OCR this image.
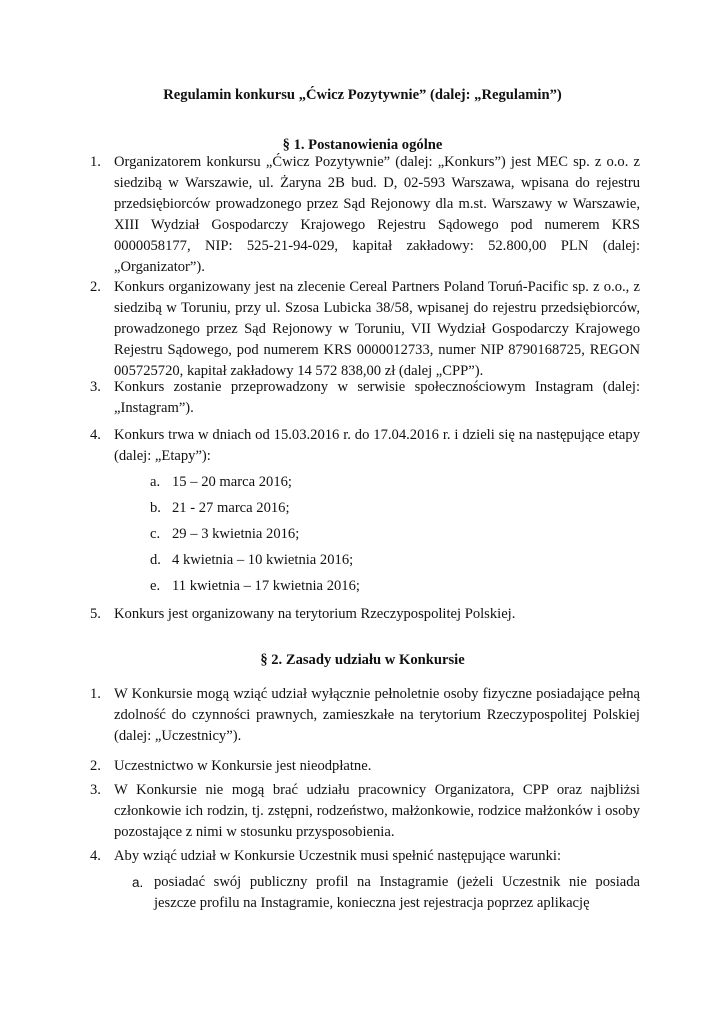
Regulamin konkursu „Ćwicz Pozytywnie” (dalej: „Regulamin”)
§ 1. Postanowienia ogólne
1. Organizatorem konkursu „Ćwicz Pozytywnie” (dalej: „Konkurs”) jest MEC sp. z o.o. z siedzibą w Warszawie, ul. Żaryna 2B bud. D, 02-593 Warszawa, wpisana do rejestru przedsiębiorców prowadzonego przez Sąd Rejonowy dla m.st. Warszawy w Warszawie, XIII Wydział Gospodarczy Krajowego Rejestru Sądowego pod numerem KRS 0000058177, NIP: 525-21-94-029, kapitał zakładowy: 52.800,00 PLN (dalej: „Organizator”).
2. Konkurs organizowany jest na zlecenie Cereal Partners Poland Toruń-Pacific sp. z o.o., z siedzibą w Toruniu, przy ul. Szosa Lubicka 38/58, wpisanej do rejestru przedsiębiorców, prowadzonego przez Sąd Rejonowy w Toruniu, VII Wydział Gospodarczy Krajowego Rejestru Sądowego, pod numerem KRS 0000012733, numer NIP 8790168725, REGON 005725720, kapitał zakładowy 14 572 838,00 zł (dalej „CPP”).
3. Konkurs zostanie przeprowadzony w serwisie społecznościowym Instagram (dalej: „Instagram”).
4. Konkurs trwa w dniach od 15.03.2016 r. do 17.04.2016 r. i dzieli się na następujące etapy (dalej: „Etapy”):
a. 15 – 20 marca 2016;
b. 21 - 27 marca 2016;
c. 29 – 3 kwietnia 2016;
d. 4 kwietnia – 10 kwietnia 2016;
e. 11 kwietnia – 17 kwietnia 2016;
5. Konkurs jest organizowany na terytorium Rzeczypospolitej Polskiej.
§ 2. Zasady udziału w Konkursie
1. W Konkursie mogą wziąć udział wyłącznie pełnoletnie osoby fizyczne posiadające pełną zdolność do czynności prawnych, zamieszkałe na terytorium Rzeczypospolitej Polskiej (dalej: „Uczestnicy”).
2. Uczestnictwo w Konkursie jest nieodpłatne.
3. W Konkursie nie mogą brać udziału pracownicy Organizatora, CPP oraz najbliżsi członkowie ich rodzin, tj. zstępni, rodzeństwo, małżonkowie, rodzice małżonków i osoby pozostające z nimi w stosunku przysposobienia.
4. Aby wziąć udział w Konkursie Uczestnik musi spełnić następujące warunki:
a. posiadać swój publiczny profil na Instagramie (jeżeli Uczestnik nie posiada jeszcze profilu na Instagramie, konieczna jest rejestracja poprzez aplikację
